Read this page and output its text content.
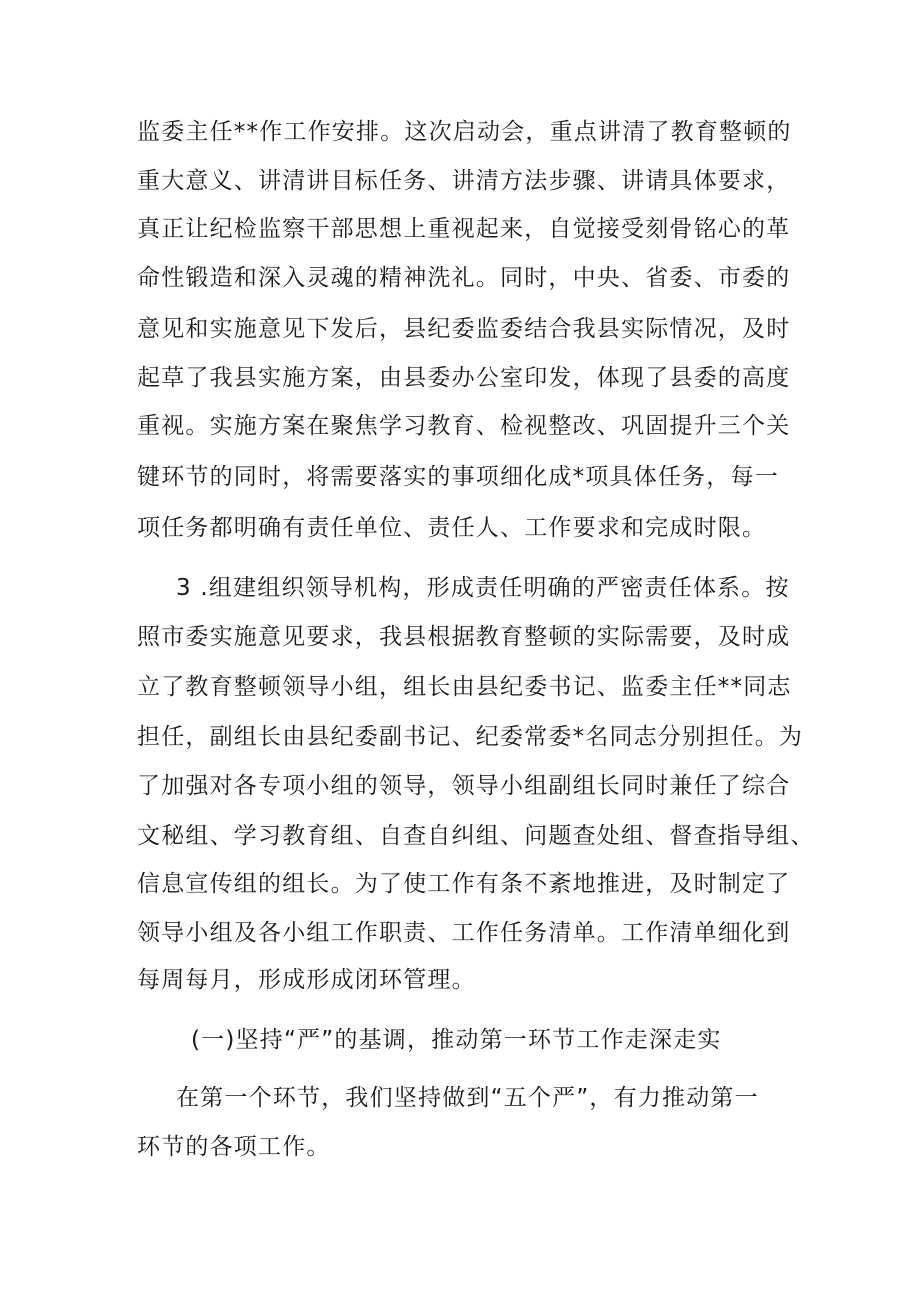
监委主任**作工作安排。这次启动会，重点讲清了教育整顿的
重大意义、讲清讲目标任务、讲清方法步骤、讲请具体要求，
真正让纪检监察干部思想上重视起来，自觉接受刻骨铭心的革
命性锻造和深入灵魂的精神洗礼。同时，中央、省委、市委的
意见和实施意见下发后，县纪委监委结合我县实际情况，及时
起草了我县实施方案，由县委办公室印发，体现了县委的高度
重视。实施方案在聚焦学习教育、检视整改、巩固提升三个关
键环节的同时，将需要落实的事项细化成*项具体任务，每一
项任务都明确有责任单位、责任人、工作要求和完成时限。
3 .组建组织领导机构，形成责任明确的严密责任体系。按
照市委实施意见要求，我县根据教育整顿的实际需要，及时成
立了教育整顿领导小组，组长由县纪委书记、监委主任**同志
担任，副组长由县纪委副书记、纪委常委*名同志分别担任。为
了加强对各专项小组的领导，领导小组副组长同时兼任了综合
文秘组、学习教育组、自查自纠组、问题查处组、督查指导组、
信息宣传组的组长。为了使工作有条不紊地推进，及时制定了
领导小组及各小组工作职责、工作任务清单。工作清单细化到
每周每月，形成形成闭环管理。
(一)坚持“严”的基调，推动第一环节工作走深走实
在第一个环节，我们坚持做到“五个严”，有力推动第一
环节的各项工作。
